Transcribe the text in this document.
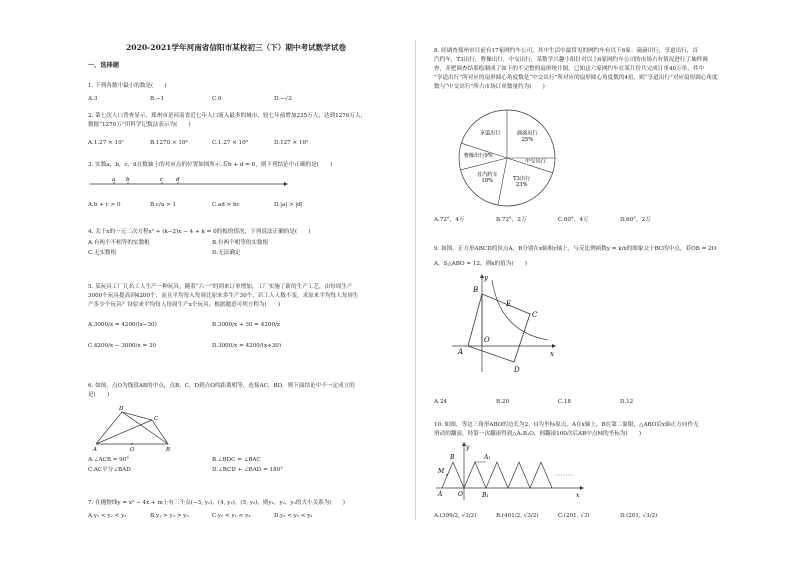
2020-2021学年河南省信阳市某校初三（下）期中考试数学试卷
一、选择题
1. 下列各数中最小的数是(　　)
A.3	B.−1	C.0	D.−√2
2. 第七次人口普查显示，郑州市是河南省近七年人口流入最多的城市，较七年前增加235万人，达到1270万人，
数据“1270万”用科学记数法表示为(　　)
A.1.27 × 10⁷	B.1270 × 10⁴	C.1.27 × 10⁸	D.127 × 10⁵
3. 实数a，b，c，d在数轴上的对应点的位置如图所示.若b + d = 0，则下列结论中正确的是(　　)
a b	c d
A.b + c > 0	B.c/a > 1	C.ad > bc	D.|a| > |d|
4. 关于x的一元二次方程x² + (k−2)x − 4 + k = 0的根的情况，下列说法正确的是(　　)
A.有两个不相等的实数根	B.有两个相等的实数根
C.无实数根	D.无法确定
5. 某玩具工厂几名工人生产一种玩具，随着“六一”的到来订单增加，工厂实施了新的生产工艺，由每周生产
3000个玩具提高到4200个，而且平均每人每周比原来多生产30个，若工人人数不变，求原来平均每人每周生
产多少个玩具？设原来平均每人每周生产x个玩具，根据题意可列方程为(　　)
A.3000/x = 4200/(x−30)	B.3000/x + 30 = 4200/x
C.4200/x − 3000/x = 30	D.3000/x = 4200/(x+30)
6. 如图，点O为线段AB的中点，点B，C，D到点O的距离相等，连接AC，BD，则下面结论中不一定成立的
是(　　)
D
C
A	O	B
A.∠ACB = 90°	B.∠BDC = ∠BAC
C.AC平分∠BAD	D.∠BCD + ∠BAD = 180°
7. 在抛物线y = x² − 4x + m上有三个点(−3, y₁)，(4, y₂)，(5, y₃)，则y₁，y₂，y₃的大小关系为(　　)
A.y₁ < y₂ < y₃	B.y₁ > y₂ > y₃	C.y₂ < y₁ < y₃	D.y₂ < y₃ < y₁
8. 经调查郑州市目前有17家网约车公司，其中生活中最常见的网约车有以下6家：滴滴出行，享道出行，首
汽约车，T3出行，曹操出行，中交出行，某数学兴趣小组针对以上6家网约车公司的市场占有情况进行了抽样调
查，并把调查结果绘制成了如下的不完整的扇形统计图，已知这六家网约车在某月份共完成订单40万单，其中
“享道出行”所对应的扇形圆心角度数是“中交出行”所对应的扇形圆心角度数的4倍，则“享道出行”对应扇形圆心角度
数与“中交出行”所占市场订单数量约为(　　)
滴滴出行 25%
中交出行
T3出行 23%
首汽约车 18%
曹操出行9%
享道出行
A.72°，4万	B.72°，2万	C.60°，4万	D.60°，2万
9. 如图，正方形ABCD的顶点A，B分别在x轴和y轴上，与反比例函数y = k/x的图象交于BC的中点，若OB = 2O
A，S△ABO = 12，则k的值为(　　)
y
B
E
C
A
O
x
D
A.24	B.20	C.18	D.12
10. 如图，等边三角形ABO的边长为2，O为坐标原点，A在x轴上，B在第二象限，△ABO沿x轴正方向作无
滑动的翻滚，经第一次翻滚得到△A₁B₁O，则翻滚100次后AB中点M的坐标为(　　)
y
B
M
A	O	B₁
A₁
x
A.(399/2, √3/2)	B.(401/2, √3/2)	C.(201, √3)	D.(201, √3/2)
